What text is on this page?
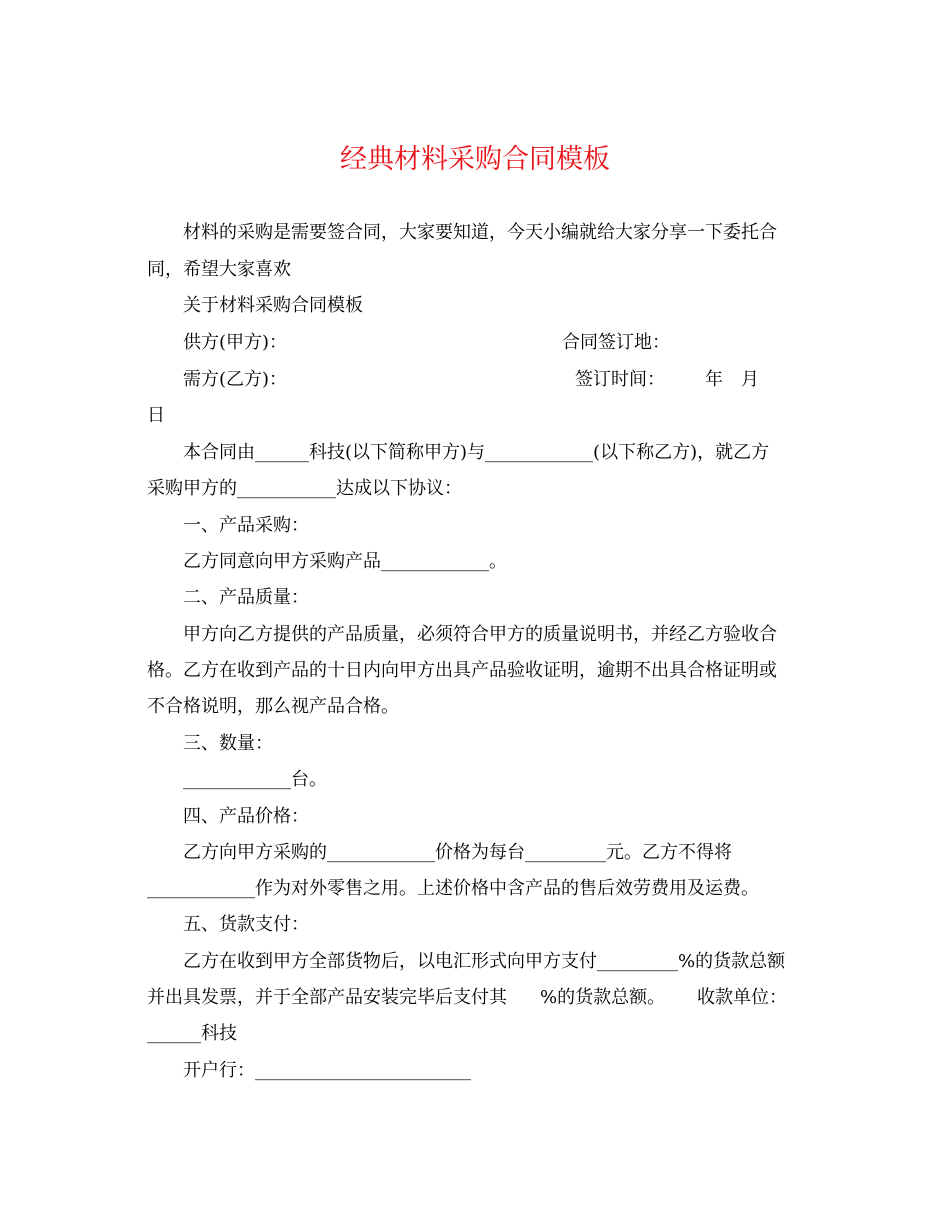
经典材料采购合同模板
材料的采购是需要签合同，大家要知道，今天小编就给大家分享一下委托合
同，希望大家喜欢
关于材料采购合同模板
供方(甲方)：	合同签订地：
需方(乙方)：	签订时间： 年 月
日
本合同由______科技(以下简称甲方)与____________(以下称乙方)，就乙方
采购甲方的___________达成以下协议：
一、产品采购：
乙方同意向甲方采购产品____________。
二、产品质量：
甲方向乙方提供的产品质量，必须符合甲方的质量说明书，并经乙方验收合
格。乙方在收到产品的十日内向甲方出具产品验收证明，逾期不出具合格证明或
不合格说明，那么视产品合格。
三、数量：
____________台。
四、产品价格：
乙方向甲方采购的____________价格为每台_________元。乙方不得将
____________作为对外零售之用。上述价格中含产品的售后效劳费用及运费。
五、货款支付：
乙方在收到甲方全部货物后，以电汇形式向甲方支付_________%的货款总额
并出具发票，并于全部产品安装完毕后支付其 %的货款总额。 收款单位：
______科技
开户行：________________________
